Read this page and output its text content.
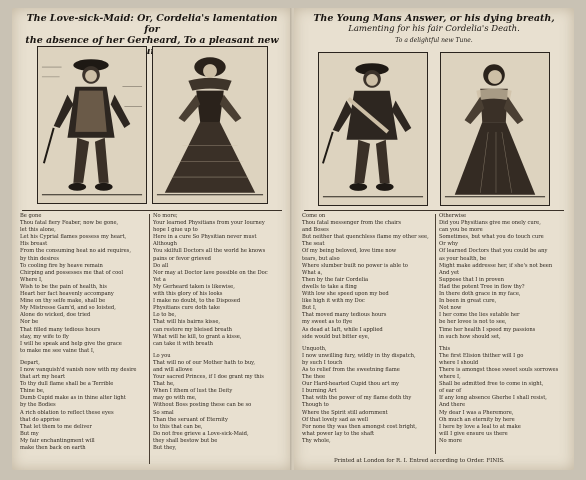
The Love-sick-Maid: Or, Cordelia's lamentation for
the absence of her Gerheard, To a pleasant new
Be gone
Thou fatal fiery Feaber, now be gone,
let this alone,
Let his Cyprial flames possess my heart,
His breast
From the consuming heat no aid requires,
by thin desires
To cooling fire by heave remain
Chirping and possesses me that of cool
Where I,
Wish to be the pain of health, his
Heart her fact heavenly accompany
Mine on thy selfe make, shall be
My Mistresse Gam'd, and so Ioisted,
Alone do wicked, doe tried
Nor be
That filled many tedious hours
stay, my wife to fly
I will he speak and help give the grace
to make me see vaine that I,
Depart,
I now vanquish'd vanish now with my desire
that art my heart
To thy dull flame shall be a Terrible
Thine be,
Dumb Cupid make as in thine alter light
by the Bodies
A rich oblation to reflect these eyes
that do apprise
That let them to me deliver
But my
My fair enchantingment will
make then back on earth
No more;
Your learned Physitians from your Iourney
hope I giue up to
Here in a cure So Physitian never must
Although
You skilfull Doctors all the world he knows
pains or fevor grieved
Do all
Nor may at Doctor lave possible on the Doc
Yet a
My Gerheard taken is likewise,
with this glory of his looks
I make no doubt, to the Disposed
Physitians cure doth take
Lo to be,
That will his bairns kisse,
can restore my bleised breath
What will he kill, to grant a kisse,
can take it with breath
Lo you
That will no of our Mother hath to buy,
and will allowe
Your sacred Princes, if I doe grant my this
That he,
When I ithem of lust the Deity
may go with me,
Without Boss posting these can be so
So smal
Than the seruant of Eternity
to this that can be,
Do not free grieve a Love-sick-Maid,
they shall bestow but be
But they,
The Young Mans Answer, or his dying breath,
Lamenting for his fair Cordelia's Death.
To a delightful new Tune.
Come on
Thou fatal messenger from the chairs
and Boses
But neither that quenchless flame my other see,
The seat
Of my being beloved, love time now
tears, but also
Where slumber built no power is able to
What a,
Then by the fair Cordelia
dwells to take a fling
With low she speed upon my bed
like high it with my Doc
But I,
That moved many tedious hours
my sweet as to flye
As dead at Iaft, while I applied
side would but bitter eye,
Unquoth,
I now unwilling fury, wildly in thy dispatch,
by such I touch
As to relief from the sweetning flame
The thee
Our Hard-hearted Cupid thou art my
I burning Art
That with the power of my flame doth thy
Though to
Where the Spirit still adornment
Of that lovely sad as well
For none thy was then amongst cost bright,
what power lay to the shaft
Thy whole,
Otherwise
Did you Physitians give me onely cure,
can you be more
Sometimes, but what you do touch cure
Or why
Of learned Doctors that you could be any
as your health, be
Might make addresse her, if she's not been
And yet
Suppose that I in proven
Had the potent Tree in flow thy?
In there doth grace in my face,
In been in great cure,
Not now
I her come the lies sutable her
be her lovee is not to see,
Time her health I speed my passions
in such how should set,
This
The first Elision thither will I go
where I should
There is amongst those sweet souls sorrowes
where I,
Shall be admitted free to come in sight,
of ear of
If any long absence Gherhe I shall resist,
And there
My dear I was a Pheremore,
Oh much an eternity by here
I here by love a Ieal to at make
will I give ensure us there
No more
Printed at London for R. I. Entred according to Order. FINIS.
